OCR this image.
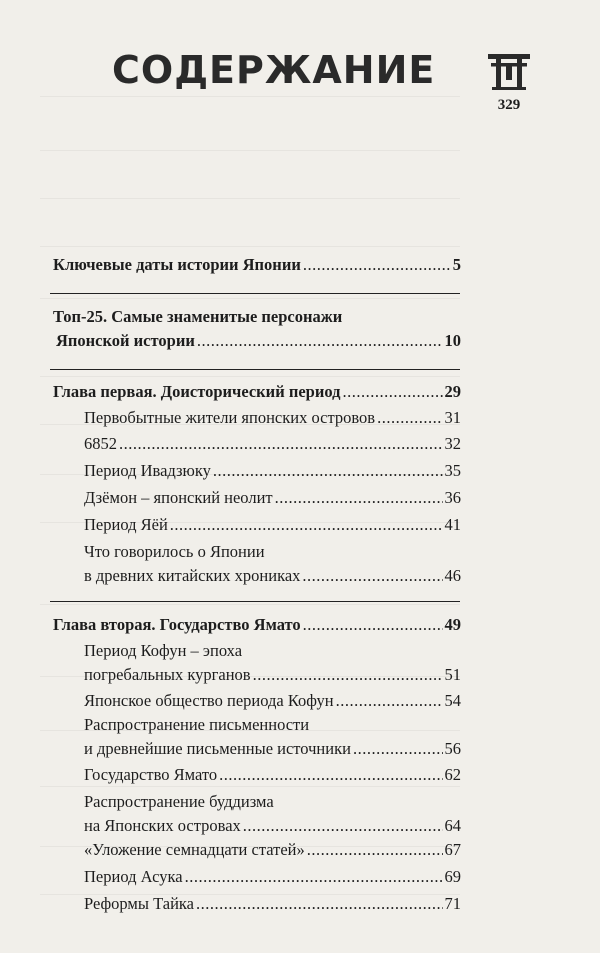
СОДЕРЖАНИЕ
329
Ключевые даты истории Японии .....	5
Топ-25. Самые знаменитые персонажи
Японской истории .....	10
Глава первая. Доисторический период .....	29
Первобытные жители японских островов .....	31
6852 .....	32
Период Ивадзюку .....	35
Дзёмон – японский неолит .....	36
Период Яёй .....	41
Что говорилось о Японии
в древних китайских хрониках .....	46
Глава вторая. Государство Ямато .....	49
Период Кофун – эпоха
погребальных курганов .....	51
Японское общество периода Кофун .....	54
Распространение письменности
и древнейшие письменные источники .....	56
Государство Ямато .....	62
Распространение буддизма
на Японских островах .....	64
«Уложение семнадцати статей» .....	67
Период Асука .....	69
Реформы Тайка .....	71
